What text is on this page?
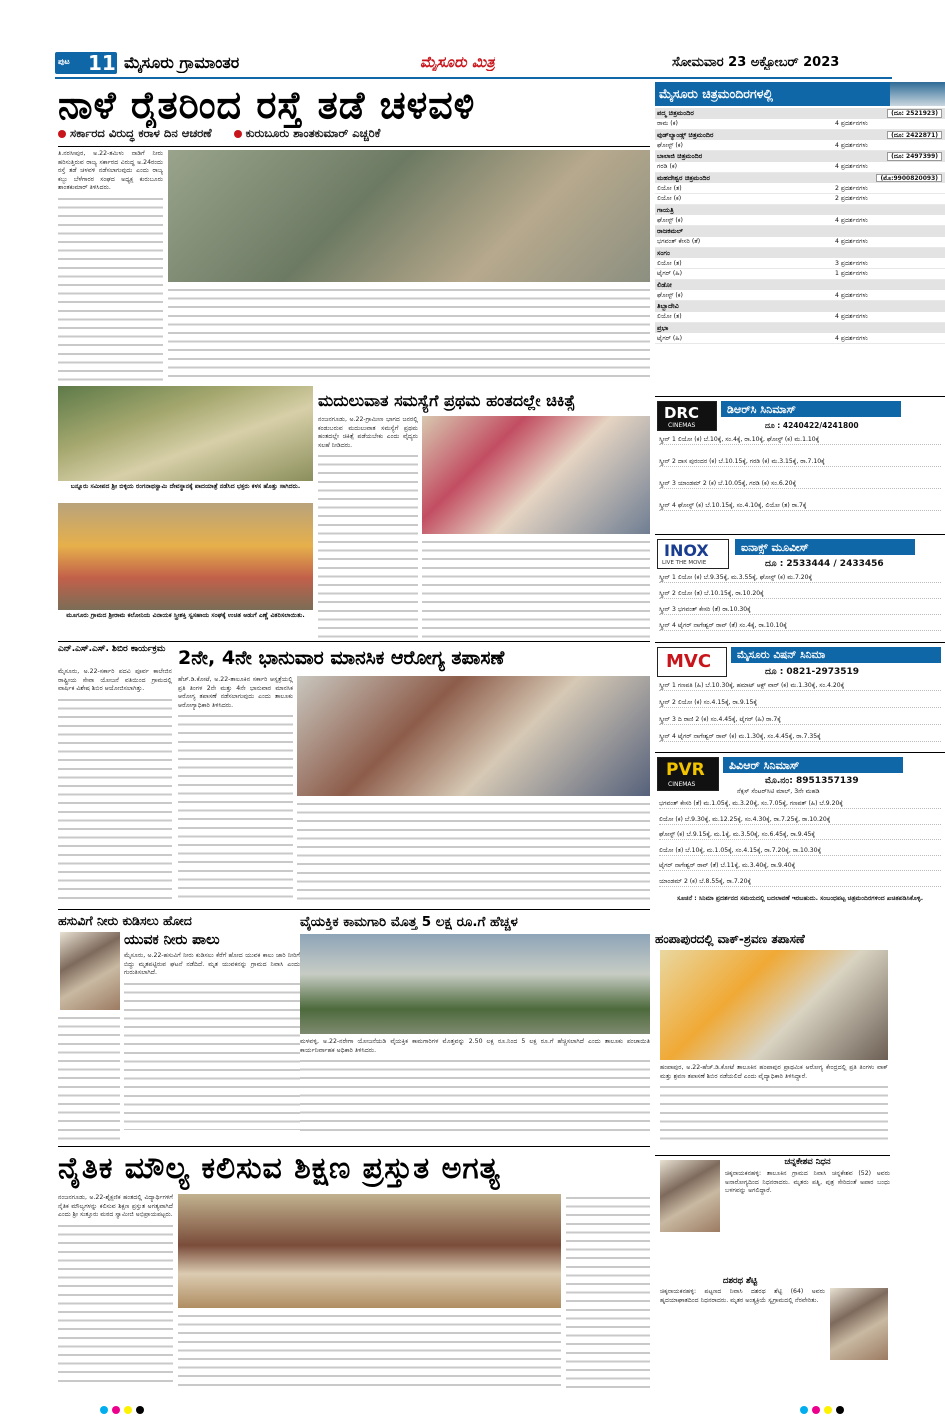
ಪುಟ 11 ಮೈಸೂರು ಗ್ರಾಮಾಂತರ	ಮೈಸೂರು ಮಿತ್ರ	ಸೋಮವಾರ 23 ಅಕ್ಟೋಬರ್ 2023
ನಾಳೆ ರೈತರಿಂದ ರಸ್ತೆ ತಡೆ ಚಳವಳಿ
ಸರ್ಕಾರದ ವಿರುದ್ಧ ಕರಾಳ ದಿನ ಆಚರಣೆ	ಕುರುಬೂರು ಶಾಂತಕುಮಾರ್ ಎಚ್ಚರಿಕೆ
ತಿ.ನರಸೀಪುರ, ಅ.22-ತಮಿಳು ನಾಡಿಗೆ ನೀರು ಹರಿಸುತ್ತಿರುವ ರಾಜ್ಯ ಸರ್ಕಾರದ ವಿರುದ್ಧ ಅ.24ರಂದು ರಸ್ತೆ ತಡೆ ಚಳವಳಿ ನಡೆಸಲಾಗುವುದು ಎಂದು ರಾಜ್ಯ ಕಬ್ಬು ಬೆಳೆಗಾರರ ಸಂಘದ ಅಧ್ಯಕ್ಷ ಕುರುಬೂರು ಶಾಂತಕುಮಾರ್ ತಿಳಿಸಿದರು.
ಬನ್ನೂರು ಸಮೀಪದ ಶ್ರೀ ಬಿಳ್ಳಿಯ ರಂಗನಾಥಸ್ವಾಮಿ ದೇವಸ್ಥಾನಕ್ಕೆ ಪಾದಯಾತ್ರೆ ನಡೆಸಿದ ಭಕ್ತರು ಕಳಸ ಹೊತ್ತು ಸಾಗಿದರು.
ಮೂಗೂರು ಗ್ರಾಮದ ಶ್ರೀರಾಮ ಕಲೋನಿಯ ವಿನಾಯಕ ಸ್ತ್ರೀಶಕ್ತಿ ಸ್ವಸಹಾಯ ಸಂಘಕ್ಕೆ ಉಚಿತ ಅಡುಗೆ ಎಣ್ಣೆ ವಿತರಿಸಲಾಯಿತು.
ಮದುಲುವಾತ ಸಮಸ್ಯೆಗೆ ಪ್ರಥಮ ಹಂತದಲ್ಲೇ ಚಿಕಿತ್ಸೆ
ನಂಜನಗೂಡು, ಅ.22-ಗ್ರಾಮೀಣ ಭಾಗದ ಜನರಲ್ಲಿ ಕಂಡುಬರುವ ಮದುಲುವಾತ ಸಮಸ್ಯೆಗೆ ಪ್ರಥಮ ಹಂತದಲ್ಲೇ ಚಿಕಿತ್ಸೆ ಪಡೆಯಬೇಕು ಎಂದು ವೈದ್ಯರು ಸಲಹೆ ನೀಡಿದರು.
ಎನ್.ಎಸ್.ಎಸ್. ಶಿಬಿರ ಕಾರ್ಯಕ್ರಮ
ಮೈಸೂರು, ಅ.22-ಸರ್ಕಾರಿ ಪದವಿ ಪೂರ್ವ ಕಾಲೇಜಿನ ರಾಷ್ಟ್ರೀಯ ಸೇವಾ ಯೋಜನೆ ವತಿಯಿಂದ ಗ್ರಾಮದಲ್ಲಿ ವಾರ್ಷಿಕ ವಿಶೇಷ ಶಿಬಿರ ಆಯೋಜಿಸಲಾಗಿತ್ತು.
2ನೇ, 4ನೇ ಭಾನುವಾರ ಮಾನಸಿಕ ಆರೋಗ್ಯ ತಪಾಸಣೆ
ಹೆಚ್.ಡಿ.ಕೋಟೆ, ಅ.22-ತಾಲೂಕಿನ ಸರ್ಕಾರಿ ಆಸ್ಪತ್ರೆಯಲ್ಲಿ ಪ್ರತಿ ತಿಂಗಳ 2ನೇ ಮತ್ತು 4ನೇ ಭಾನುವಾರ ಮಾನಸಿಕ ಆರೋಗ್ಯ ತಪಾಸಣೆ ನಡೆಸಲಾಗುವುದು ಎಂದು ತಾಲೂಕು ಆರೋಗ್ಯಾಧಿಕಾರಿ ತಿಳಿಸಿದರು.
ಹಸುವಿಗೆ ನೀರು ಕುಡಿಸಲು ಹೋದ
ಯುವಕ ನೀರು ಪಾಲು
ಮೈಸೂರು, ಅ.22-ಹಸುವಿಗೆ ನೀರು ಕುಡಿಸಲು ಕೆರೆಗೆ ಹೋದ ಯುವಕ ಕಾಲು ಜಾರಿ ನೀರಿಗೆ ಬಿದ್ದು ಮೃತಪಟ್ಟಿರುವ ಘಟನೆ ನಡೆದಿದೆ. ಮೃತ ಯುವಕನನ್ನು ಗ್ರಾಮದ ನಿವಾಸಿ ಎಂದು ಗುರುತಿಸಲಾಗಿದೆ.
ವೈಯಕ್ತಿಕ ಕಾಮಗಾರಿ ಮೊತ್ತ 5 ಲಕ್ಷ ರೂ.ಗೆ ಹೆಚ್ಚಳ
ಮಳವಳ್ಳಿ, ಅ.22-ನರೇಗಾ ಯೋಜನೆಯಡಿ ವೈಯಕ್ತಿಕ ಕಾಮಗಾರಿಗಳ ಮೊತ್ತವನ್ನು 2.50 ಲಕ್ಷ ರೂ.ನಿಂದ 5 ಲಕ್ಷ ರೂ.ಗೆ ಹೆಚ್ಚಿಸಲಾಗಿದೆ ಎಂದು ತಾಲೂಕು ಪಂಚಾಯಿತಿ ಕಾರ್ಯನಿರ್ವಾಹಕ ಅಧಿಕಾರಿ ತಿಳಿಸಿದರು.
ನೈತಿಕ ಮೌಲ್ಯ ಕಲಿಸುವ ಶಿಕ್ಷಣ ಪ್ರಸ್ತುತ ಅಗತ್ಯ
ನಂಜನಗೂಡು, ಅ.22-ಶೈಕ್ಷಣಿಕ ಹಂತದಲ್ಲಿ ವಿದ್ಯಾರ್ಥಿಗಳಿಗೆ ನೈತಿಕ ಮೌಲ್ಯಗಳನ್ನು ಕಲಿಸುವ ಶಿಕ್ಷಣ ಪ್ರಸ್ತುತ ಅಗತ್ಯವಾಗಿದೆ ಎಂದು ಶ್ರೀ ಸುತ್ತೂರು ಮಠದ ಸ್ವಾಮೀಜಿ ಅಭಿಪ್ರಾಯಪಟ್ಟರು.
ಮೈಸೂರು ಚಿತ್ರಮಂದಿರಗಳಲ್ಲಿ
ಪದ್ಮ ಚಿತ್ರಮಂದಿರ	(ದೂ: 2521923)
ರಾಮ (ಕ)	4 ಪ್ರದರ್ಶನಗಳು
ವುಡ್‌ಲ್ಯಾಂಡ್ಸ್ ಚಿತ್ರಮಂದಿರ	(ದೂ: 2422871)
ಘೋಸ್ಟ್ (ಕ)	4 ಪ್ರದರ್ಶನಗಳು
ಬಾಲಾಜಿ ಚಿತ್ರಮಂದಿರ	(ದೂ: 2497399)
ಗರಡಿ (ಕ)	4 ಪ್ರದರ್ಶನಗಳು
ಮಹದೇಶ್ವರ ಚಿತ್ರಮಂದಿರ	(ಮೊ:9900820093)
ಲಿಯೋ (ತ)	2 ಪ್ರದರ್ಶನಗಳು
ಲಿಯೋ (ಕ)	2 ಪ್ರದರ್ಶನಗಳು
ಗಾಯತ್ರಿ
ಘೋಸ್ಟ್ (ಕ)	4 ಪ್ರದರ್ಶನಗಳು
ರಾಜಕಮಲ್
ಭಗವಂತ್ ಕೇಸರಿ (ತೆ)	4 ಪ್ರದರ್ಶನಗಳು
ಸಂಗಂ
ಲಿಯೋ (ತ)	3 ಪ್ರದರ್ಶನಗಳು
ಟೈಗರ್ (ಹಿ)	1 ಪ್ರದರ್ಶನಗಳು
ಲಿಡೋ
ಘೋಸ್ಟ್ (ಕ)	4 ಪ್ರದರ್ಶನಗಳು
ತಿಬ್ಬಾದೇವಿ
ಲಿಯೋ (ತ)	4 ಪ್ರದರ್ಶನಗಳು
ಪ್ರಭಾ
ಟೈಗರ್ (ಹಿ)	4 ಪ್ರದರ್ಶನಗಳು
DRC
CINEMAS
ಡಿಆರ್‌ಸಿ ಸಿನಿಮಾಸ್
ದೂ : 4240422/4241800
ಸ್ಕ್ರೀನ್ 1 ಲಿಯೋ (ಕ) ಬೆ.10ಕ್ಕೆ, ಸಂ.4ಕ್ಕೆ, ರಾ.10ಕ್ಕೆ, ಘೋಸ್ಟ್ (ಕ) ಮ.1.10ಕ್ಕೆ
ಸ್ಕ್ರೀನ್ 2 ದಾಸ ಪುರಂದರ (ಕ) ಬೆ.10.15ಕ್ಕೆ, ಗರಡಿ (ಕ) ಮ.3.15ಕ್ಕೆ, ರಾ.7.10ಕ್ಕೆ
ಸ್ಕ್ರೀನ್ 3 ಯಾಂಡಮ್ 2 (ಕ) ಬೆ.10.05ಕ್ಕೆ, ಗರಡಿ (ಕ) ಸಂ.6.20ಕ್ಕೆ
ಸ್ಕ್ರೀನ್ 4 ಘೋಸ್ಟ್ (ಕ) ಬೆ.10.15ಕ್ಕೆ, ಸಂ.4.10ಕ್ಕೆ, ಲಿಯೋ (ತ) ರಾ.7ಕ್ಕೆ
INOX
LIVE THE MOVIE
ಐನಾಕ್ಸ್ ಮೂವೀಸ್
ದೂ : 2533444 / 2433456
ಸ್ಕ್ರೀನ್ 1 ಲಿಯೋ (ಕ) ಬೆ.9.35ಕ್ಕೆ, ಮ.3.55ಕ್ಕೆ, ಘೋಸ್ಟ್ (ಕ) ಮ.7.20ಕ್ಕೆ
ಸ್ಕ್ರೀನ್ 2 ಲಿಯೋ (ತ) ಬೆ.10.15ಕ್ಕೆ, ರಾ.10.20ಕ್ಕೆ
ಸ್ಕ್ರೀನ್ 3 ಭಗವಂತ್ ಕೇಸರಿ (ತೆ) ರಾ.10.30ಕ್ಕೆ
ಸ್ಕ್ರೀನ್ 4 ಟೈಗರ್ ನಾಗೇಶ್ವರ್ ರಾವ್ (ತೆ) ಸಂ.4ಕ್ಕೆ, ರಾ.10.10ಕ್ಕೆ
MVC ಮೈಸೂರು ವಿಷನ್ ಸಿನಿಮಾ
ದೂ : 0821-2973519
ಸ್ಕ್ರೀನ್ 1 ಗಣಪತಿ (ಹಿ) ಬೆ.10.30ಕ್ಕೆ, ಹಮಾಟ್ ಆಕ್ಟ್ ವಾರ್ (ಕ) ಮ.1.30ಕ್ಕೆ, ಸಂ.4.20ಕ್ಕೆ
ಸ್ಕ್ರೀನ್ 2 ಲಿಯೋ (ಕ) ಸಂ.4.15ಕ್ಕೆ, ರಾ.9.15ಕ್ಕೆ
ಸ್ಕ್ರೀನ್ 3 ದಿ ರಾಣಿ 2 (ಕ) ಸಂ.4.45ಕ್ಕೆ, ಟೈಗರ್ (ಹಿ) ರಾ.7ಕ್ಕೆ
ಸ್ಕ್ರೀನ್ 4 ಟೈಗರ್ ನಾಗೇಶ್ವರ್ ರಾವ್ (ಕ) ಮ.1.30ಕ್ಕೆ, ಸಂ.4.45ಕ್ಕೆ, ರಾ.7.35ಕ್ಕೆ
PVR
CINEMAS
ಪಿವಿಆರ್ ಸಿನಿಮಾಸ್
ಮೊ.ನಂ: 8951357139
ನೆಕ್ಸಸ್ ಸೆಂಟರ್‌ಸಿಟಿ ಮಾಲ್, 3ನೇ ಮಹಡಿ
ಭಗವಂತ್ ಕೇಸರಿ (ತೆ) ಮ.1.05ಕ್ಕೆ, ಮ.3.20ಕ್ಕೆ, ಸಂ.7.05ಕ್ಕೆ, ಗಣಪತ್ (ಹಿ) ಬೆ.9.20ಕ್ಕೆ
ಲಿಯೋ (ಕ) ಬೆ.9.30ಕ್ಕೆ, ಮ.12.25ಕ್ಕೆ, ಸಂ.4.30ಕ್ಕೆ, ರಾ.7.25ಕ್ಕೆ, ರಾ.10.20ಕ್ಕೆ
ಘೋಸ್ಟ್ (ಕ) ಬೆ.9.15ಕ್ಕೆ, ಮ.1ಕ್ಕೆ, ಮ.3.50ಕ್ಕೆ, ಸಂ.6.45ಕ್ಕೆ, ರಾ.9.45ಕ್ಕೆ
ಲಿಯೋ (ತ) ಬೆ.10ಕ್ಕೆ, ಮ.1.05ಕ್ಕೆ, ಸಂ.4.15ಕ್ಕೆ, ರಾ.7.20ಕ್ಕೆ, ರಾ.10.30ಕ್ಕೆ
ಟೈಗರ್ ನಾಗೇಶ್ವರ್ ರಾವ್ (ತೆ) ಬೆ.11ಕ್ಕೆ, ಮ.3.40ಕ್ಕೆ, ರಾ.9.40ಕ್ಕೆ
ಯಾಂಡಮ್ 2 (ಕ) ಬೆ.8.55ಕ್ಕೆ, ರಾ.7.20ಕ್ಕೆ
ಸೂಚನೆ : ಸಿನಿಮಾ ಪ್ರದರ್ಶನದ ಸಮಯದಲ್ಲಿ ಬದಲಾವಣೆ ಇರಬಹುದು. ಸಂಬಂಧಪಟ್ಟ ಚಿತ್ರಮಂದಿರಗಳಿಂದ ಖಚಿತಪಡಿಸಿಕೊಳ್ಳಿ.
ಹಂಪಾಪುರದಲ್ಲಿ ವಾಕ್-ಶ್ರವಣ ತಪಾಸಣೆ
ಹಂಪಾಪುರ, ಅ.22-ಹೆಚ್.ಡಿ.ಕೋಟೆ ತಾಲೂಕಿನ ಹಂಪಾಪುರ ಪ್ರಾಥಮಿಕ ಆರೋಗ್ಯ ಕೇಂದ್ರದಲ್ಲಿ ಪ್ರತಿ ತಿಂಗಳು ವಾಕ್ ಮತ್ತು ಶ್ರವಣ ತಪಾಸಣೆ ಶಿಬಿರ ನಡೆಯಲಿದೆ ಎಂದು ವೈದ್ಯಾಧಿಕಾರಿ ತಿಳಿಸಿದ್ದಾರೆ.
ಚನ್ನಕೇಶವ ನಿಧನ
ಚಿಕ್ಕನಾಯಕನಹಳ್ಳಿ: ತಾಲೂಕಿನ ಗ್ರಾಮದ ನಿವಾಸಿ ಚನ್ನಕೇಶವ (52) ಅವರು ಅನಾರೋಗ್ಯದಿಂದ ನಿಧನರಾದರು. ಮೃತರು ಪತ್ನಿ, ಪುತ್ರ ಸೇರಿದಂತೆ ಅಪಾರ ಬಂಧು ಬಳಗವನ್ನು ಅಗಲಿದ್ದಾರೆ.
ದಶರಥ ಶೆಟ್ಟಿ
ಚಿಕ್ಕನಾಯಕನಹಳ್ಳಿ: ಪಟ್ಟಣದ ನಿವಾಸಿ ದಶರಥ ಶೆಟ್ಟಿ (64) ಅವರು ಹೃದಯಾಘಾತದಿಂದ ನಿಧನರಾದರು. ಮೃತರ ಅಂತ್ಯಕ್ರಿಯೆ ಸ್ವಗ್ರಾಮದಲ್ಲಿ ನೆರವೇರಿತು.
